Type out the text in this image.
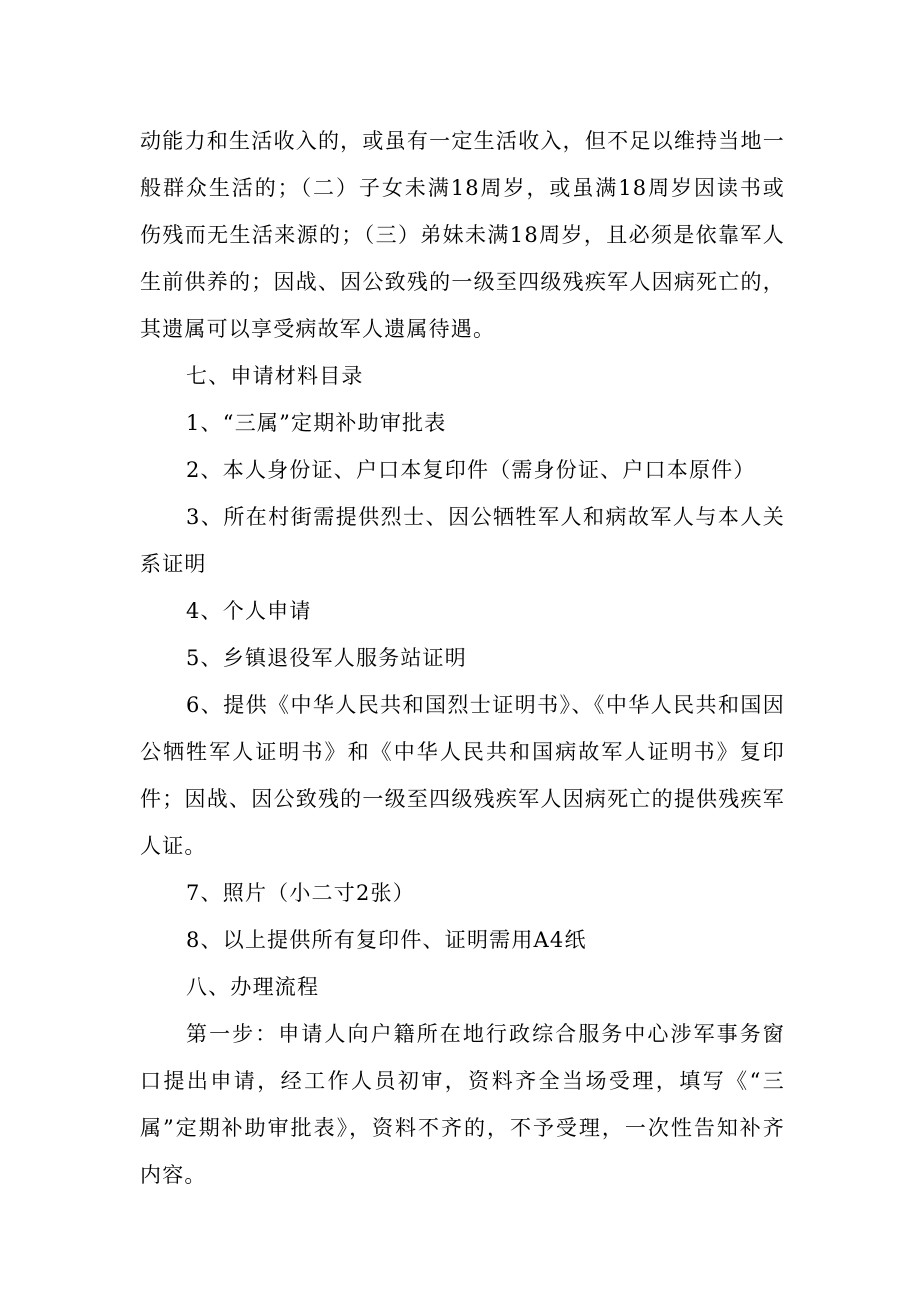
动能力和生活收入的，或虽有一定生活收入，但不足以维持当地一般群众生活的；（二）子女未满18周岁，或虽满18周岁因读书或伤残而无生活来源的；（三）弟妹未满18周岁，且必须是依靠军人生前供养的；因战、因公致残的一级至四级残疾军人因病死亡的，其遗属可以享受病故军人遗属待遇。

七、申请材料目录

1、“三属”定期补助审批表

2、本人身份证、户口本复印件（需身份证、户口本原件）

3、所在村街需提供烈士、因公牺牲军人和病故军人与本人关系证明

4、个人申请

5、乡镇退役军人服务站证明

6、提供《中华人民共和国烈士证明书》、《中华人民共和国因公牺牲军人证明书》和《中华人民共和国病故军人证明书》复印件；因战、因公致残的一级至四级残疾军人因病死亡的提供残疾军人证。

7、照片（小二寸2张）

8、以上提供所有复印件、证明需用A4纸

八、办理流程

第一步：申请人向户籍所在地行政综合服务中心涉军事务窗口提出申请，经工作人员初审，资料齐全当场受理，填写《“三属”定期补助审批表》，资料不齐的，不予受理，一次性告知补齐内容。
